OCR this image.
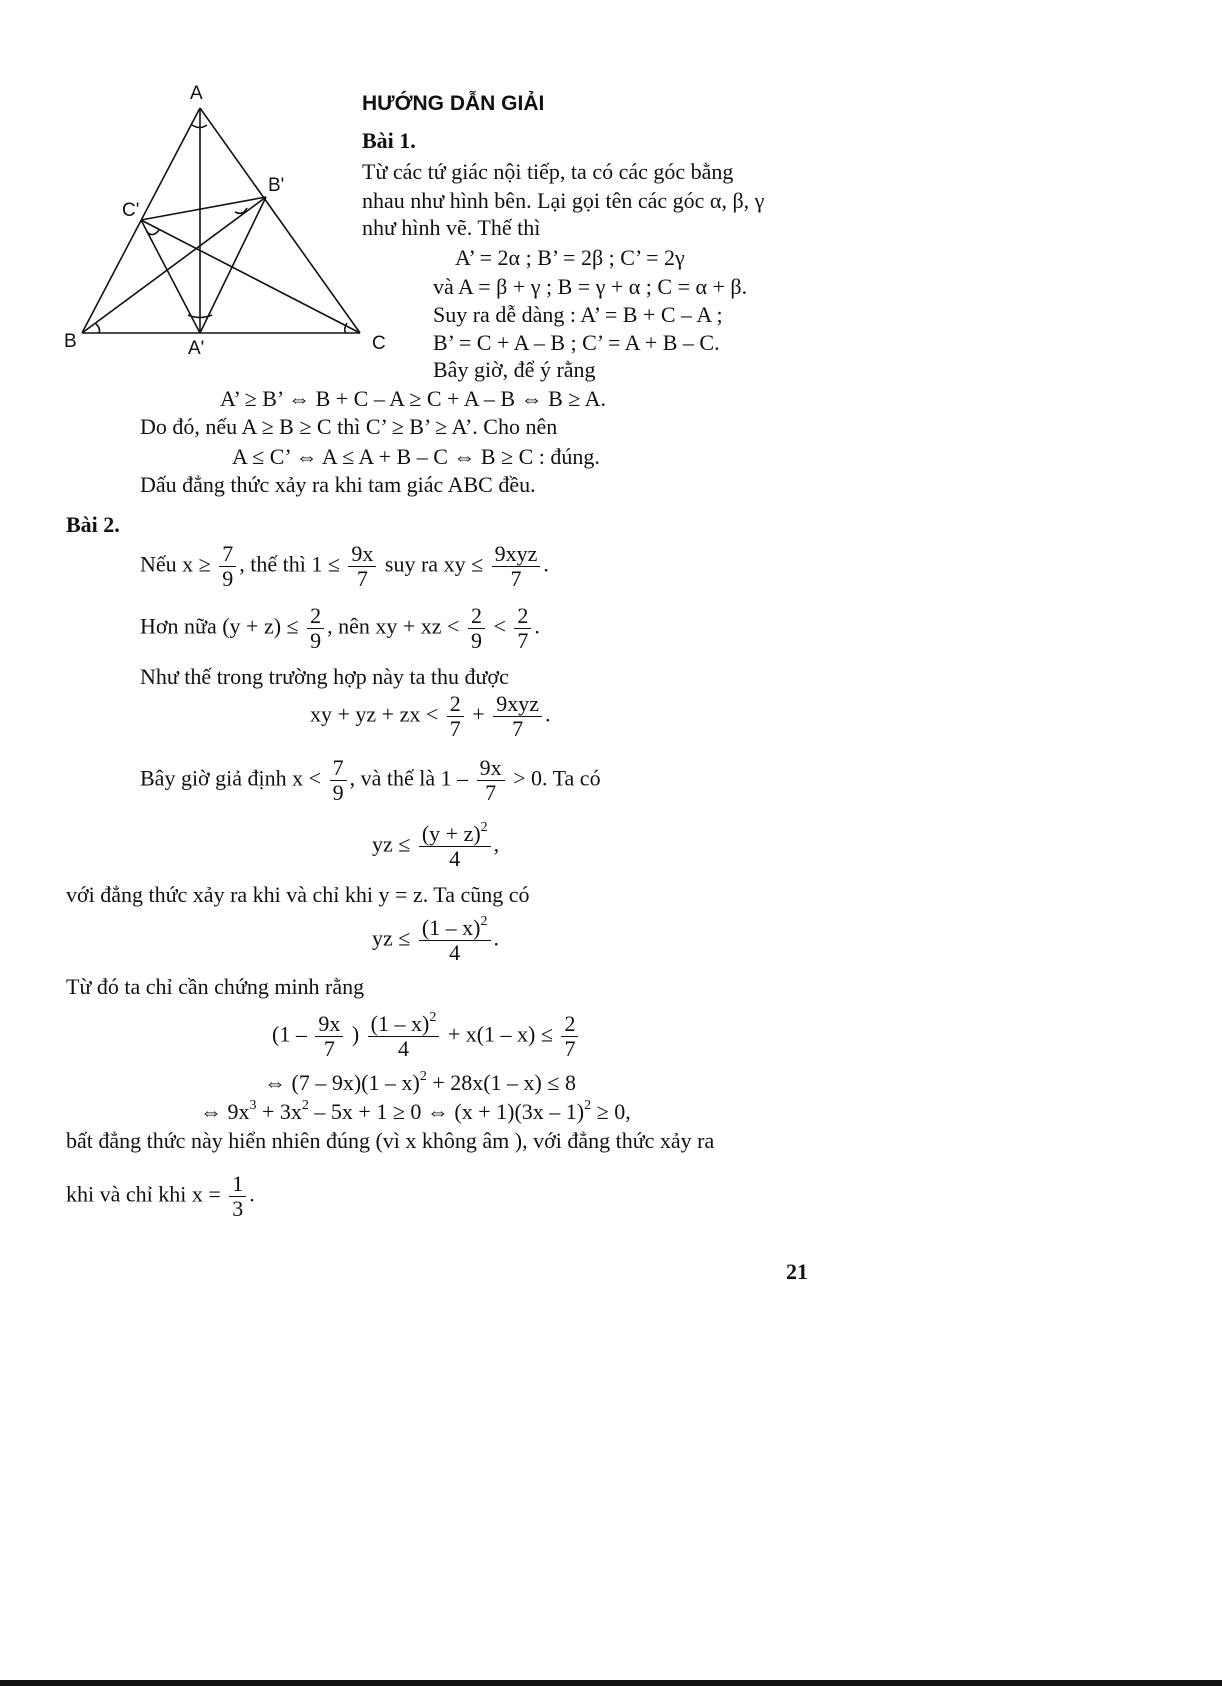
A
B	C
A'
B'
C'
HƯỚNG DẪN GIẢI
Bài 1.
Từ các tứ giác nội tiếp, ta có các góc bằng
nhau như hình bên. Lại gọi tên các góc α, β, γ
như hình vẽ. Thế thì
A’ = 2α ; B’ = 2β ; C’ = 2γ
và A = β + γ ; B = γ + α ; C = α + β.
Suy ra dễ dàng : A’ = B + C – A ;
B’ = C + A – B ; C’ = A + B – C.
Bây giờ, để ý rằng
A’ ≥ B’ ⇔ B + C – A ≥ C + A – B ⇔ B ≥ A.
Do đó, nếu A ≥ B ≥ C thì C’ ≥ B’ ≥ A’. Cho nên
A ≤ C’ ⇔ A ≤ A + B – C ⇔ B ≥ C : đúng.
Dấu đẳng thức xảy ra khi tam giác ABC đều.
Bài 2.
Nếu $x \ge \frac{7}{9}$ , thế thì $1 \le \frac{9x}{7}$ suy ra xy ≤ $\frac{\text{9xyz}}{7}$ .
Hơn nữa $(y + z) \le \frac{2}{9}$ , nên xy + xz < $\frac{2}{9} < \frac{2}{7}$ .
Như thế trong trường hợp này ta thu được
xy + yz + zx < $\frac{2}{7} + \frac{\text{9xyz}}{7}$ .
Bây giờ giả định $x < \frac{7}{9}$ , và thế là $1 - \frac{9x}{7} > 0$. Ta có
yz ≤ $\frac{(y + z)^2}{4}$ ,
với đẳng thức xảy ra khi và chỉ khi y = z. Ta cũng có
yz ≤ $\frac{(1 - x)^2}{4}$ .
Từ đó ta chỉ cần chứng minh rằng
($1 - \frac{9x}{7}$ ) $\frac{(1 - x)^2}{4} + x(1 - x) \le \frac{2}{7}$
⇔ (7 – 9x)(1 – x)$^2$ + 28x(1 – x) ≤ 8
⇔ $9x^3 + 3x^2 - 5x + 1 \ge 0$ ⇔ (x + 1)(3x – 1)$^2$ ≥ 0,
bất đẳng thức này hiển nhiên đúng (vì x không âm ), với đẳng thức xảy ra
khi và chỉ khi $x = \frac{1}{3}$ .
21
